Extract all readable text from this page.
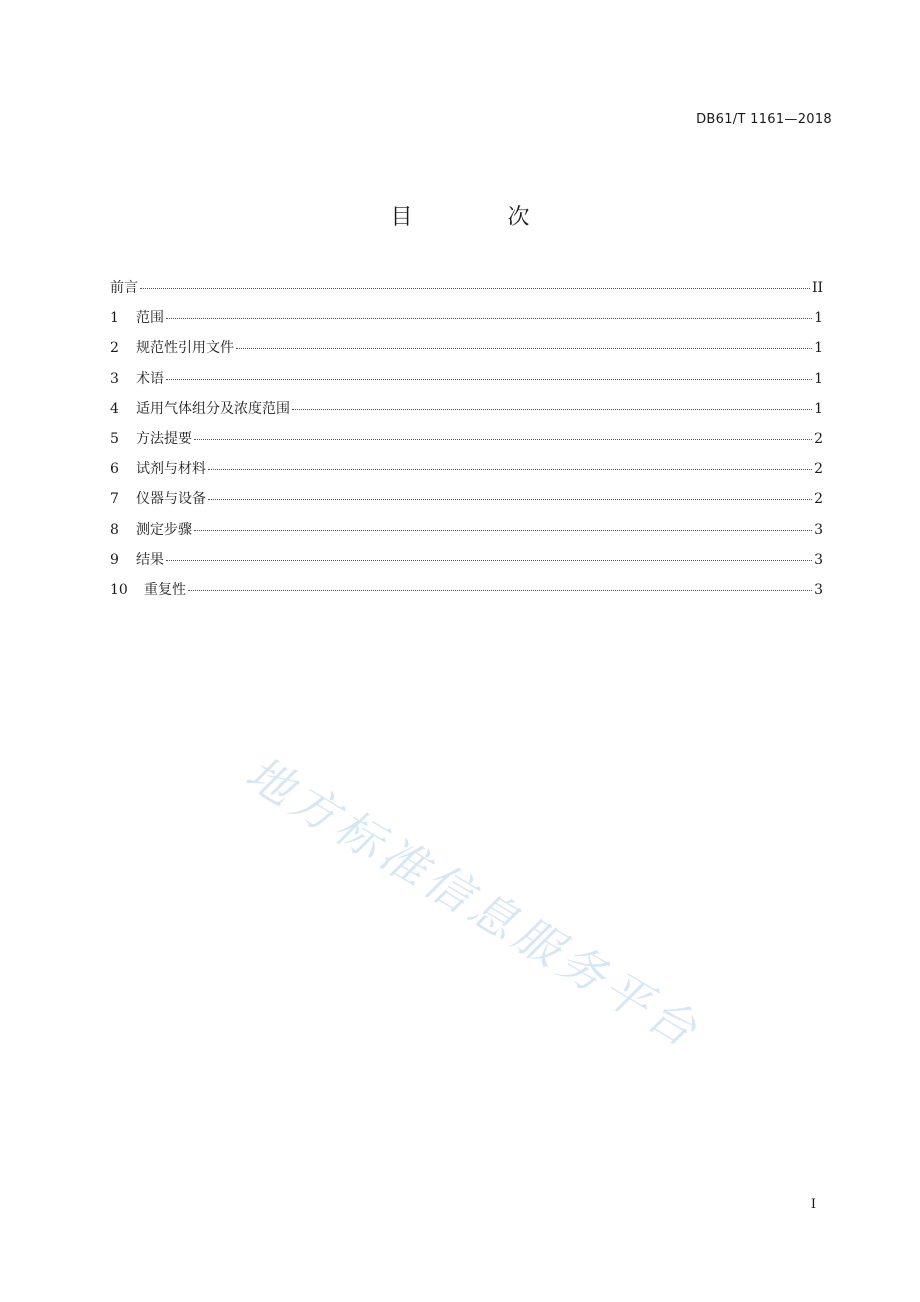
DB61/T 1161—2018
目 次
前言	II
1	范围	1
2	规范性引用文件	1
3	术语	1
4	适用气体组分及浓度范围	1
5	方法提要	2
6	试剂与材料	2
7	仪器与设备	2
8	测定步骤	3
9	结果	3
10	重复性	3
地方标准信息服务平台
I
